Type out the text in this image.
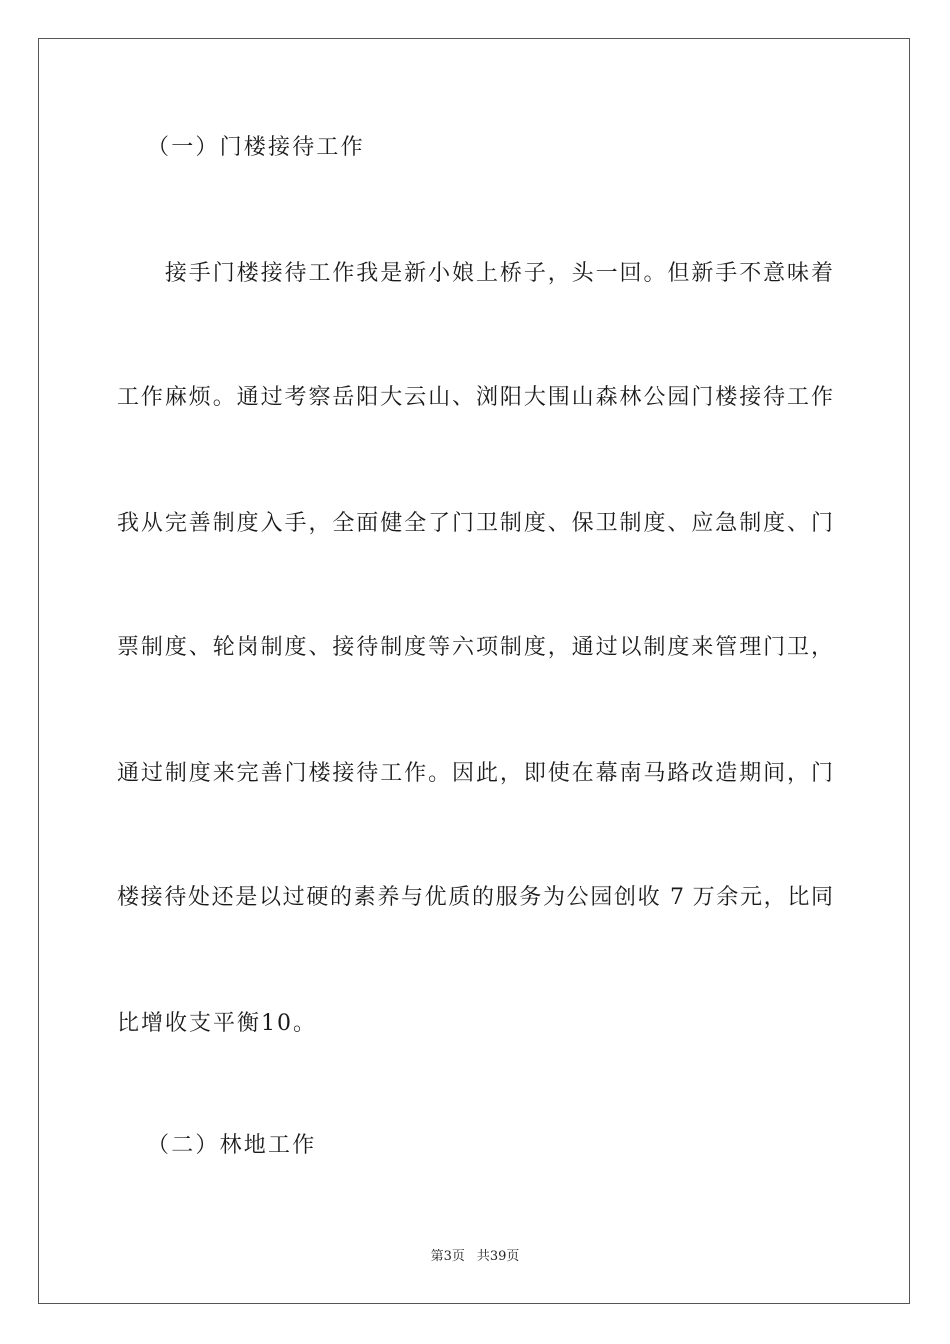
（一）门楼接待工作
　　接手门楼接待工作我是新小娘上桥子，头一回。但新手不意味着
工作麻烦。通过考察岳阳大云山、浏阳大围山森林公园门楼接待工作
我从完善制度入手，全面健全了门卫制度、保卫制度、应急制度、门
票制度、轮岗制度、接待制度等六项制度，通过以制度来管理门卫，
通过制度来完善门楼接待工作。因此，即使在幕南马路改造期间，门
楼接待处还是以过硬的素养与优质的服务为公园创收 7 万余元，比同
比增收支平衡10。
（二）林地工作
第3页 共39页
